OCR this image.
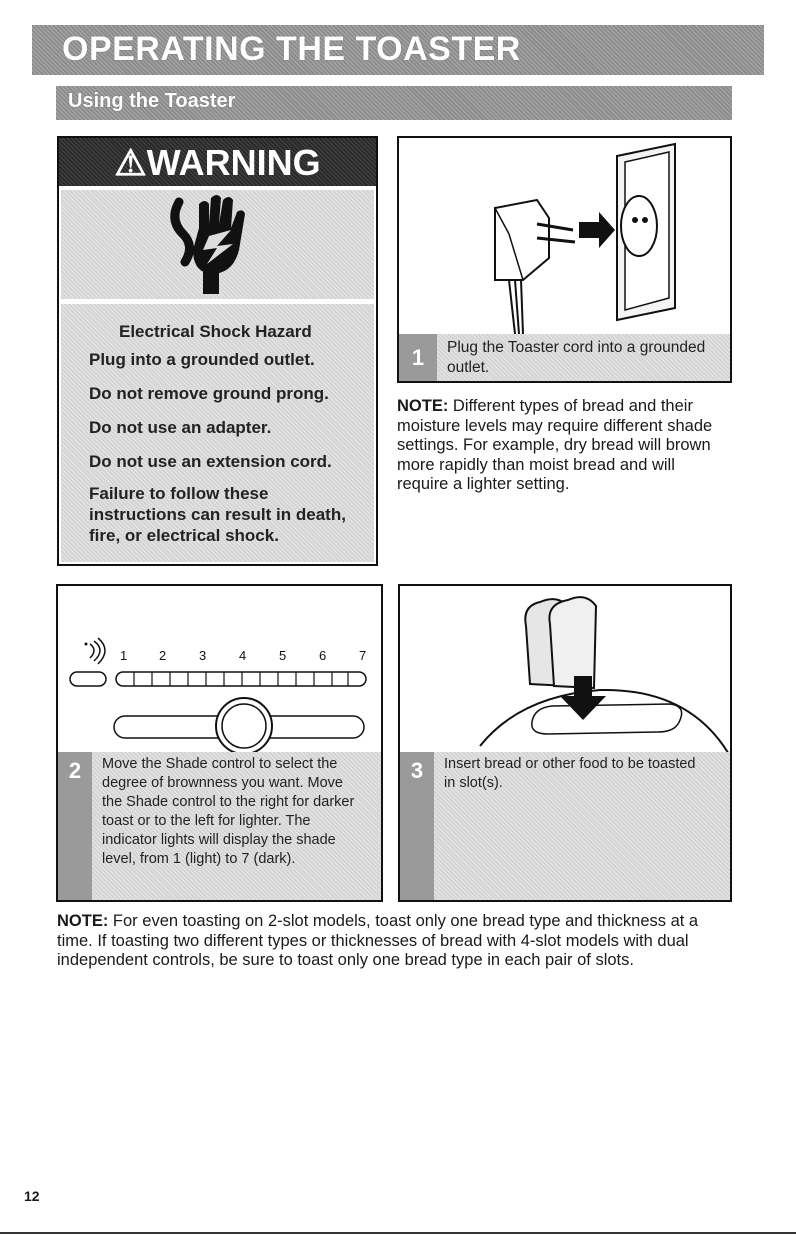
OPERATING THE TOASTER
Using the Toaster
⚠WARNING
Electrical Shock Hazard
Plug into a grounded outlet.
Do not remove ground prong.
Do not use an adapter.
Do not use an extension cord.
Failure to follow these
instructions can result in death,
fire, or electrical shock.
1	Plug the Toaster cord into a grounded
outlet.
NOTE: Different types of bread and their
moisture levels may require different shade
settings. For example, dry bread will brown
more rapidly than moist bread and will
require a lighter setting.
1 2	3	4	5	6	7
2	Move the Shade control to select the
degree of brownness you want. Move
the Shade control to the right for darker
toast or to the left for lighter. The
indicator lights will display the shade
level, from 1 (light) to 7 (dark).
3	Insert bread or other food to be toasted
in slot(s).
NOTE: For even toasting on 2-slot models, toast only one bread type and thickness at a
time. If toasting two different types or thicknesses of bread with 4-slot models with dual
independent controls, be sure to toast only one bread type in each pair of slots.
12
